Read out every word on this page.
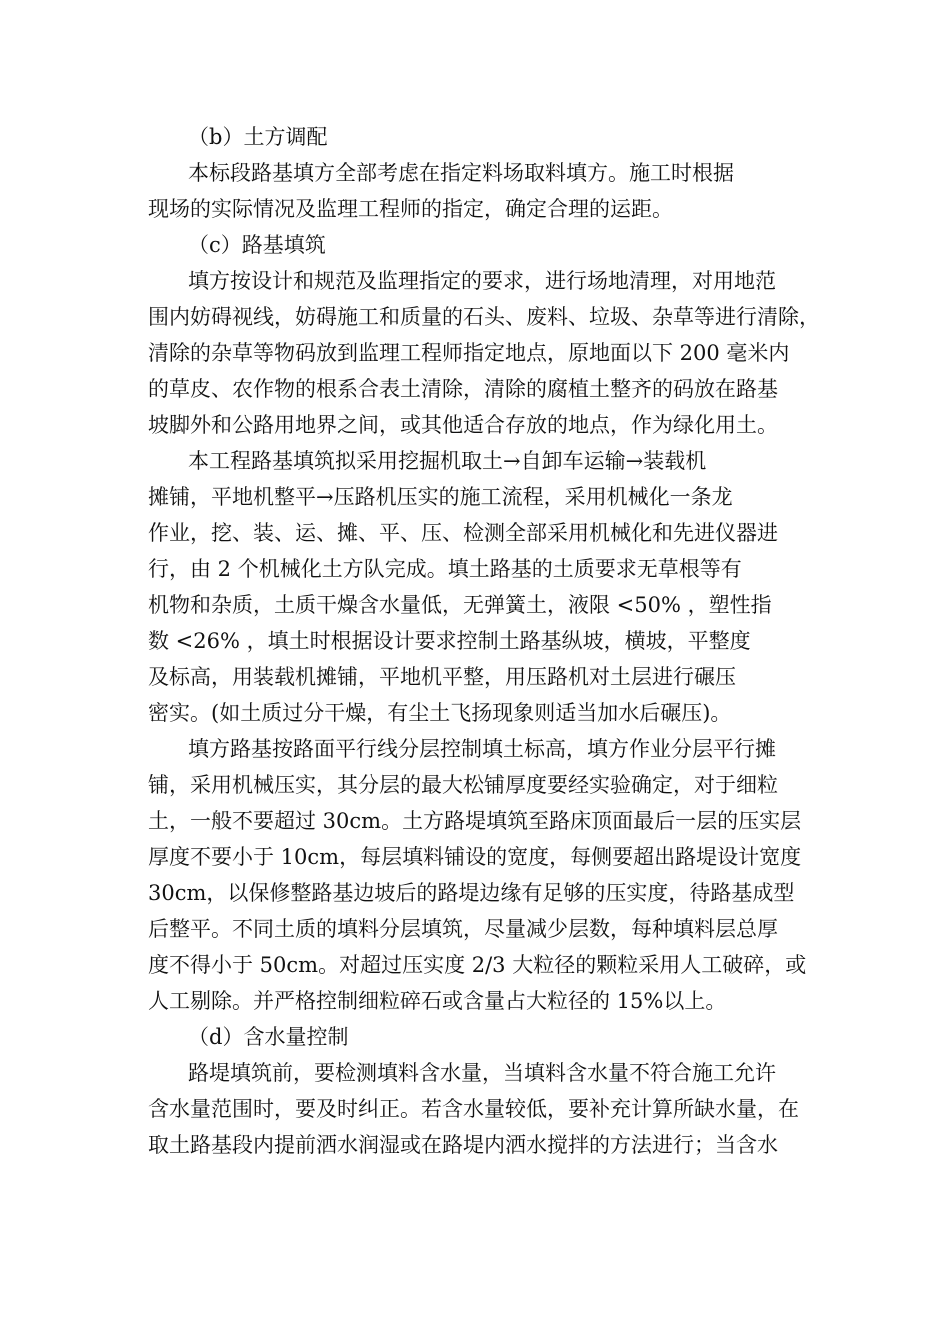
（b）土方调配
本标段路基填方全部考虑在指定料场取料填方。施工时根据
现场的实际情况及监理工程师的指定，确定合理的运距。
（c）路基填筑
填方按设计和规范及监理指定的要求，进行场地清理，对用地范
围内妨碍视线，妨碍施工和质量的石头、废料、垃圾、杂草等进行清除，
清除的杂草等物码放到监理工程师指定地点，原地面以下 200 毫米内
的草皮、农作物的根系合表土清除，清除的腐植土整齐的码放在路基
坡脚外和公路用地界之间，或其他适合存放的地点，作为绿化用土。
本工程路基填筑拟采用挖掘机取土→自卸车运输→装载机
摊铺，平地机整平→压路机压实的施工流程，采用机械化一条龙
作业，挖、装、运、摊、平、压、检测全部采用机械化和先进仪器进
行，由 2 个机械化土方队完成。填土路基的土质要求无草根等有
机物和杂质，土质干燥含水量低，无弹簧土，液限 <50% ，塑性指
数 <26% ，填土时根据设计要求控制土路基纵坡，横坡，平整度
及标高，用装载机摊铺，平地机平整，用压路机对土层进行碾压
密实。(如土质过分干燥，有尘土飞扬现象则适当加水后碾压)。
填方路基按路面平行线分层控制填土标高，填方作业分层平行摊
铺，采用机械压实，其分层的最大松铺厚度要经实验确定，对于细粒
土，一般不要超过 30cm。土方路堤填筑至路床顶面最后一层的压实层
厚度不要小于 10cm，每层填料铺设的宽度，每侧要超出路堤设计宽度
30cm，以保修整路基边坡后的路堤边缘有足够的压实度，待路基成型
后整平。不同土质的填料分层填筑，尽量减少层数，每种填料层总厚
度不得小于 50cm。对超过压实度 2/3 大粒径的颗粒采用人工破碎，或
人工剔除。并严格控制细粒碎石或含量占大粒径的 15%以上。
（d）含水量控制
路堤填筑前，要检测填料含水量，当填料含水量不符合施工允许
含水量范围时，要及时纠正。若含水量较低，要补充计算所缺水量，在
取土路基段内提前洒水润湿或在路堤内洒水搅拌的方法进行；当含水
